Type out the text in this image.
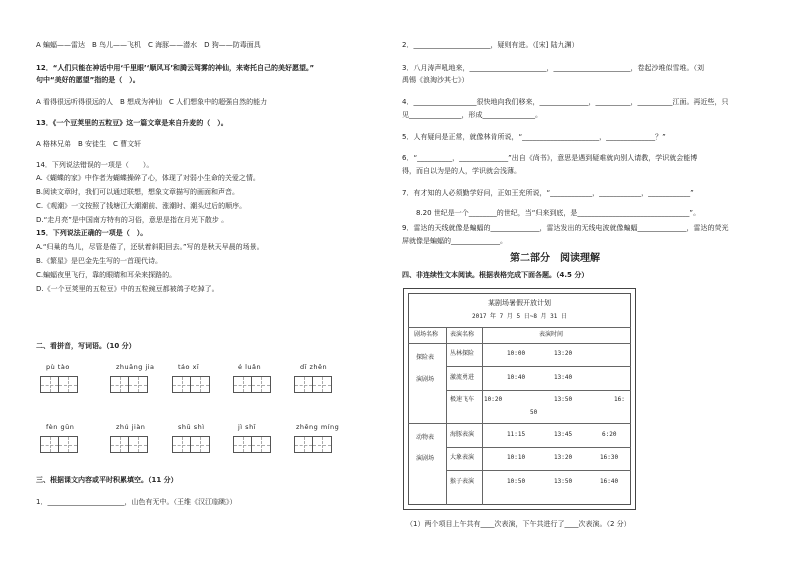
A 蝙蝠——雷达　B 鸟儿——飞机　C 海豚——潜水　D 狗——防毒面具
12．“人们只能在神话中用‘千里眼’‘顺风耳’和腾云驾雾的神仙，来寄托自己的美好愿望。”
句中“美好的愿望”指的是（　）。
A 看得很远听得很远的人　B 想成为神仙　C 人们想象中的超强自然的能力
13．《一个豆荚里的五粒豆》这一篇文章是来自升麦的（　）。
A 格林兄弟　B 安徒生　C 曹文轩
14．下列说法错误的一项是（　　）。
A.《蝴蝶的家》中作者为蝴蝶操碎了心，体现了对弱小生命的关爱之情。
B.阅读文章时，我们可以通过联想，想象文章描写的画面和声音。
C.《观潮》一文按照了钱塘江大潮潮前、涨潮时、潮头过后的顺序。
D.“走月亮”是中国南方特有的习俗，意思是指在月光下散步 。
15．下列说法正确的一项是（　）。
A.“归巢的鸟儿，尽管是倦了，还驮着斜阳回去。”写的是秋天早晨的场景。
B.《繁星》是巴金先生写的一首现代诗。
C.蝙蝠夜里飞行，靠的眼睛和耳朵来探路的。
D.《一个豆荚里的五粒豆》中的五粒豌豆都被鸽子吃掉了。
二、看拼音，写词语。（10 分）
pù tào	zhuāng jia	táo xī	é luǎn	dī zhēn
fèn gūn	zhú jiàn	shū shì	jì shī	zhēng míng
三、根据课文内容或平时积累填空。（11 分）
1．______________________，山色有无中。（王维《汉江临眺》）
2．______________________，疑则有进。（[宋] 陆九渊）
3．八月涛声吼地来，______________________，______________________，卷起沙堆似雪堆。（刘
禹锡《浪淘沙其七》）
4．__________________很快地向我们移来，______________，__________，__________江面。再近些，只
见_______________，形成_______________。
5．人有疑问是正常，就像林肯所说，“______________________，______________？”
6．“__________，______________”出自《尚书》，意思是遇到疑难就向别人请教，学识就会能博
得，而自以为是的人，学识就会浅薄。
7．有才知的人必须勤学好问，正如王充所说，“____________，____________，____________”
8.20 世纪是一个________的世纪，当“归来到底，是________________________________”。
9．雷达的天线就像是蝙蝠的______________，雷达发出的无线电波就像蝙蝠______________，雷达的荧光
屏就像是蝙蝠的______________。
第二部分　阅读理解
四、非连续性文本阅读。根据表格完成下面各题。（4.5 分）
某剧场暑假开放计划
2017 年 7 月 5 日~8 月 31 日
剧场名称 表演名称	表演时间
探险表
演剧场
动物表
演剧场
丛林探险	10:00	13:20
激流勇进	10:40	13:40
极速飞车 10:20	13:50	16:
50
海豚表演	11:15	13:45	6:20
大象表演	10:10	13:20	16:30
猴子表演	10:50	13:50	16:40
（1）两个项目上午共有____次表演，下午共进行了____次表演。（2 分）
